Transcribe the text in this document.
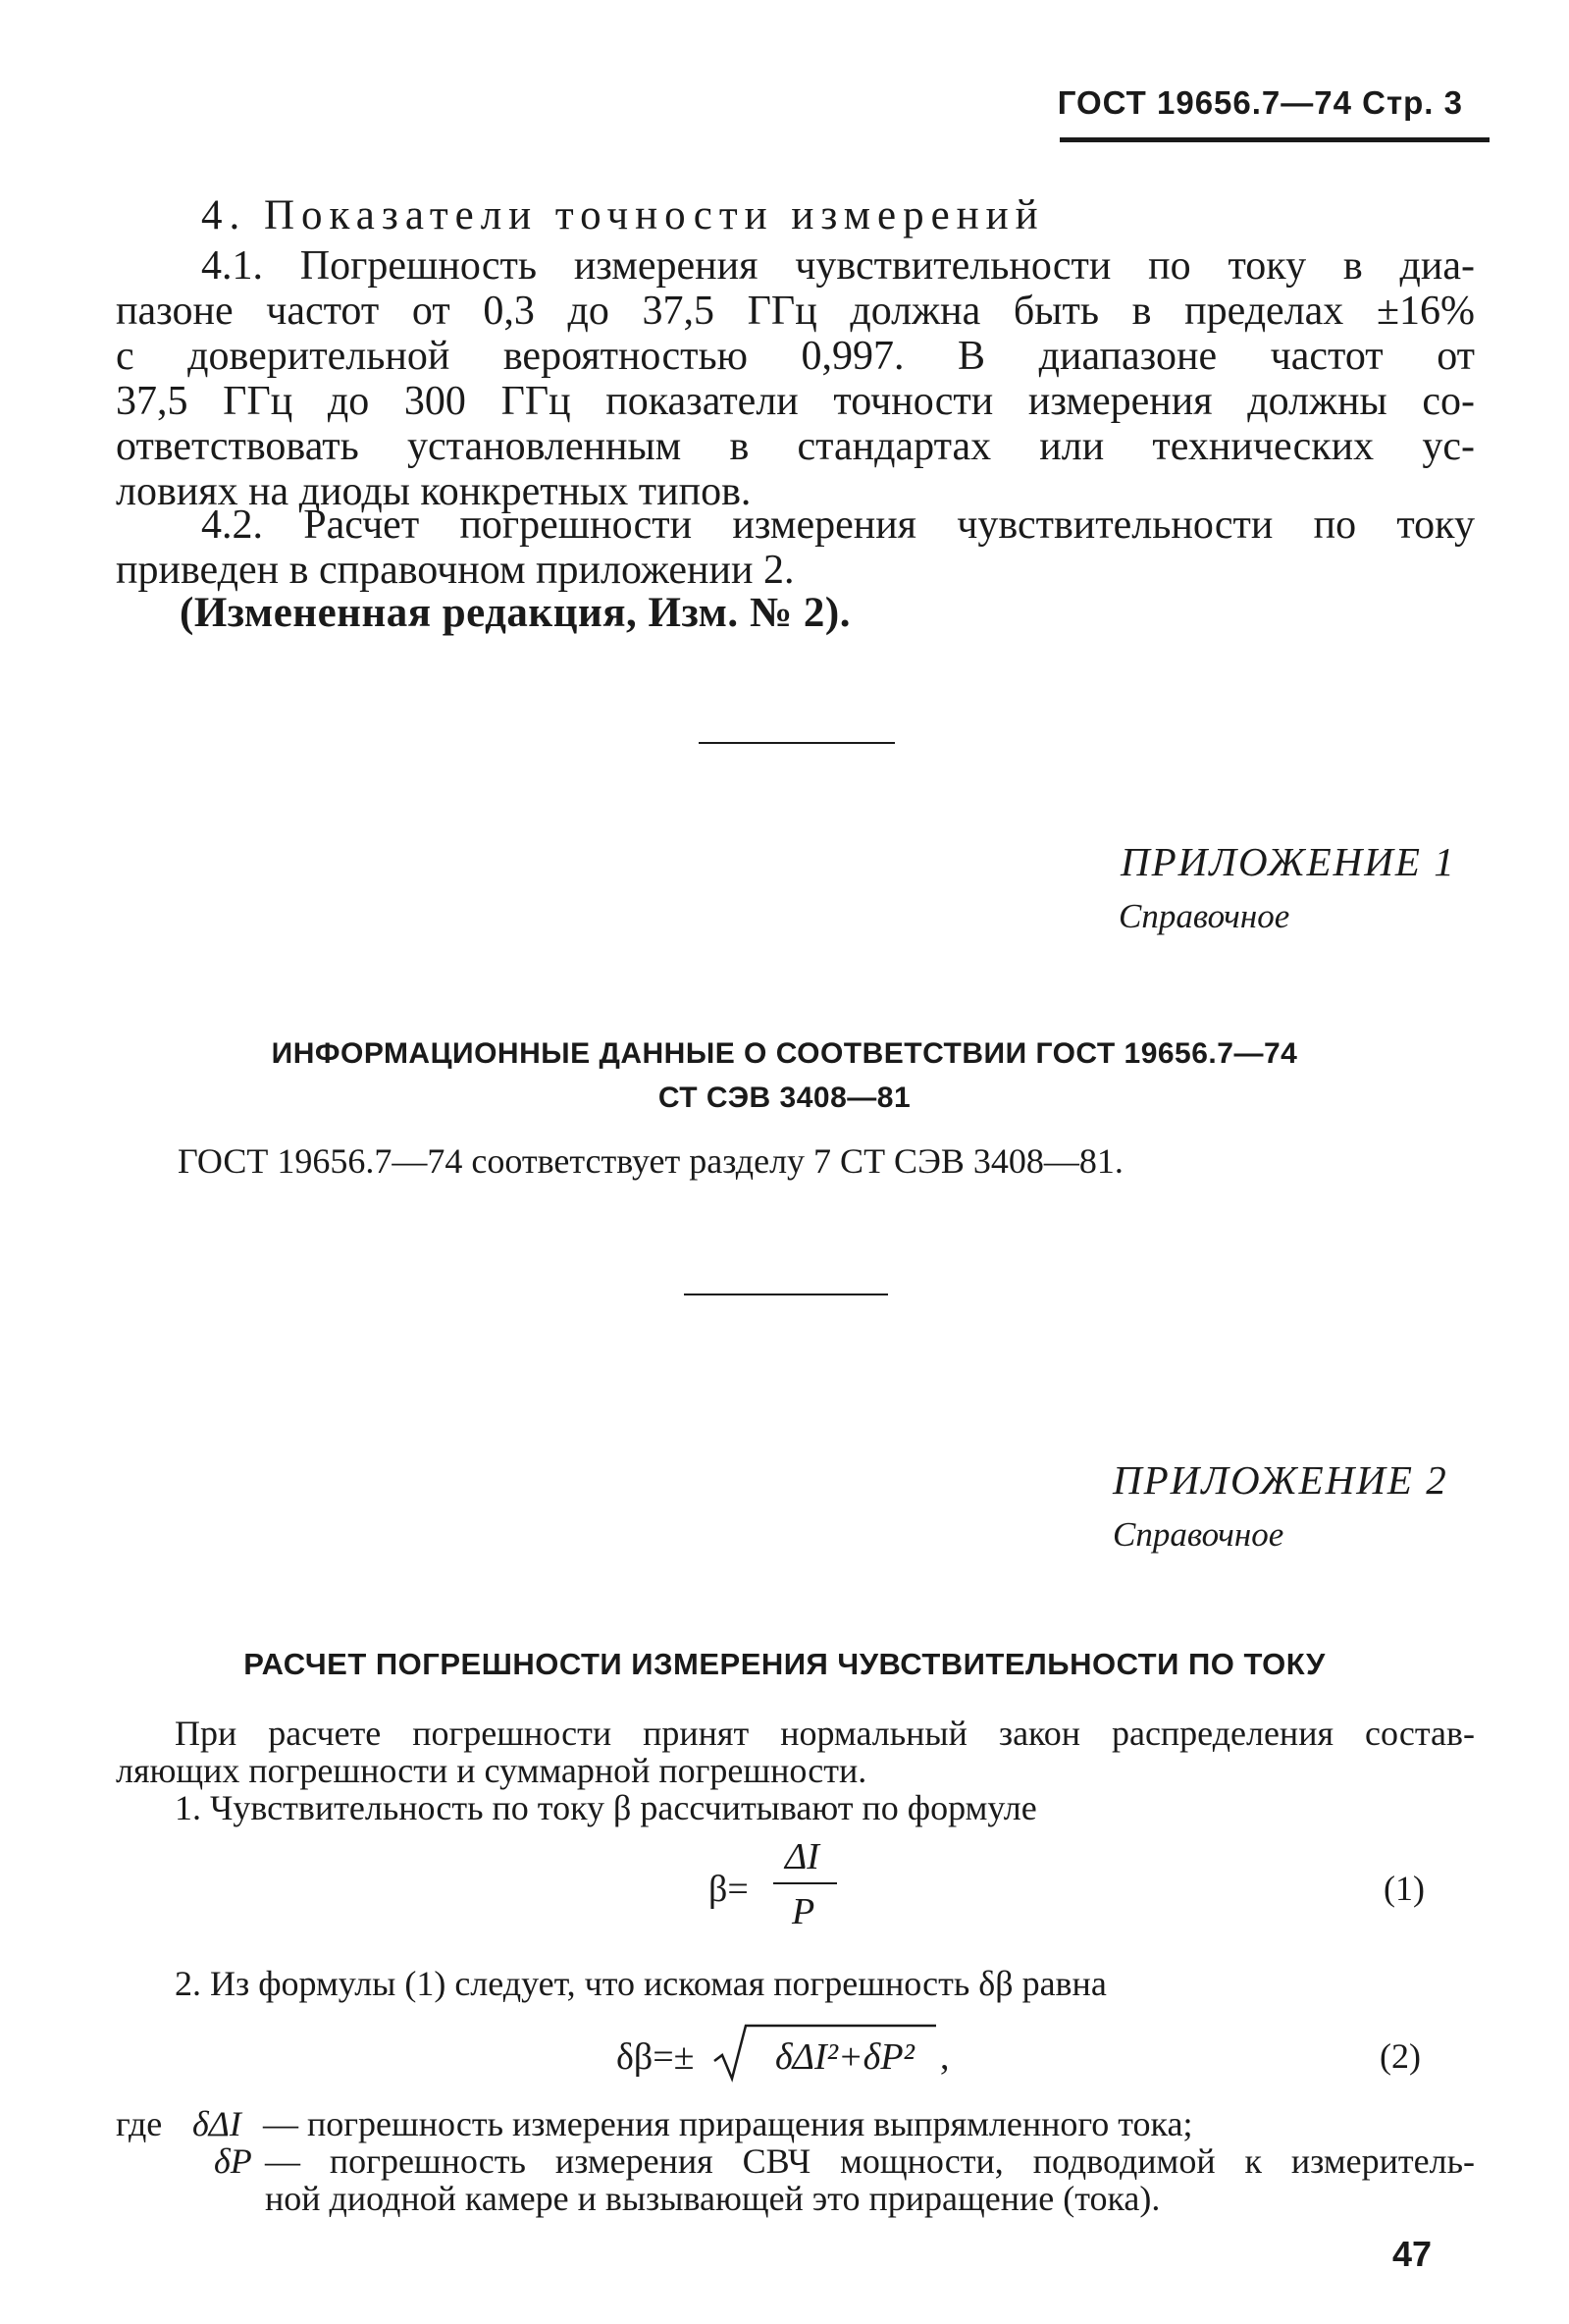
ГОСТ 19656.7—74 Стр. 3
4. Показатели точности измерений
4.1. Погрешность измерения чувствительности по току в диа-
пазоне частот от 0,3 до 37,5 ГГц должна быть в пределах ±16%
с доверительной вероятностью 0,997. В диапазоне частот от
37,5 ГГц до 300 ГГц показатели точности измерения должны со-
ответствовать установленным в стандартах или технических ус-
ловиях на диоды конкретных типов.
4.2. Расчет погрешности измерения чувствительности по току
приведен в справочном приложении 2.
(Измененная редакция, Изм. № 2).
ПРИЛОЖЕНИЕ 1
Справочное
ИНФОРМАЦИОННЫЕ ДАННЫЕ О СООТВЕТСТВИИ ГОСТ 19656.7—74
СТ СЭВ 3408—81
ГОСТ 19656.7—74 соответствует разделу 7 СТ СЭВ 3408—81.
ПРИЛОЖЕНИЕ 2
Справочное
РАСЧЕТ ПОГРЕШНОСТИ ИЗМЕРЕНИЯ ЧУВСТВИТЕЛЬНОСТИ ПО ТОКУ
При расчете погрешности принят нормальный закон распределения состав-
ляющих погрешности и суммарной погрешности.
1. Чувствительность по току β рассчитывают по формуле
β=
ΔI
P
(1)
2. Из формулы (1) следует, что искомая погрешность δβ равна
δβ=± δΔI²+δP² ,	(2)
где δΔI — погрешность измерения приращения выпрямленного тока;
δP — погрешность измерения СВЧ мощности, подводимой к измеритель-
ной диодной камере и вызывающей это приращение (тока).
47
